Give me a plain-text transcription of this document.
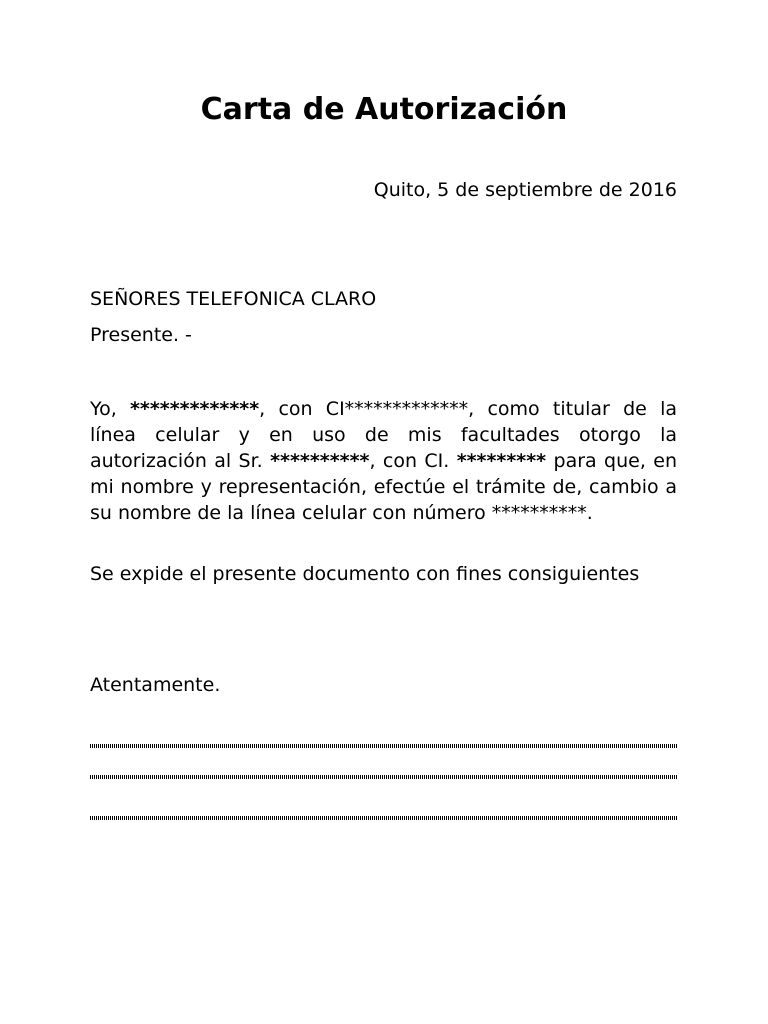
Carta de Autorización
Quito, 5 de septiembre de 2016
SEÑORES TELEFONICA CLARO
Presente. -
Yo, *************, con CI*************, como titular de la línea celular y en uso de mis facultades otorgo la autorización al Sr. **********, con CI. ********* para que, en mi nombre y representación, efectúe el trámite de, cambio a su nombre de la línea celular con número **********.
Se expide el presente documento con fines consiguientes
Atentamente.
